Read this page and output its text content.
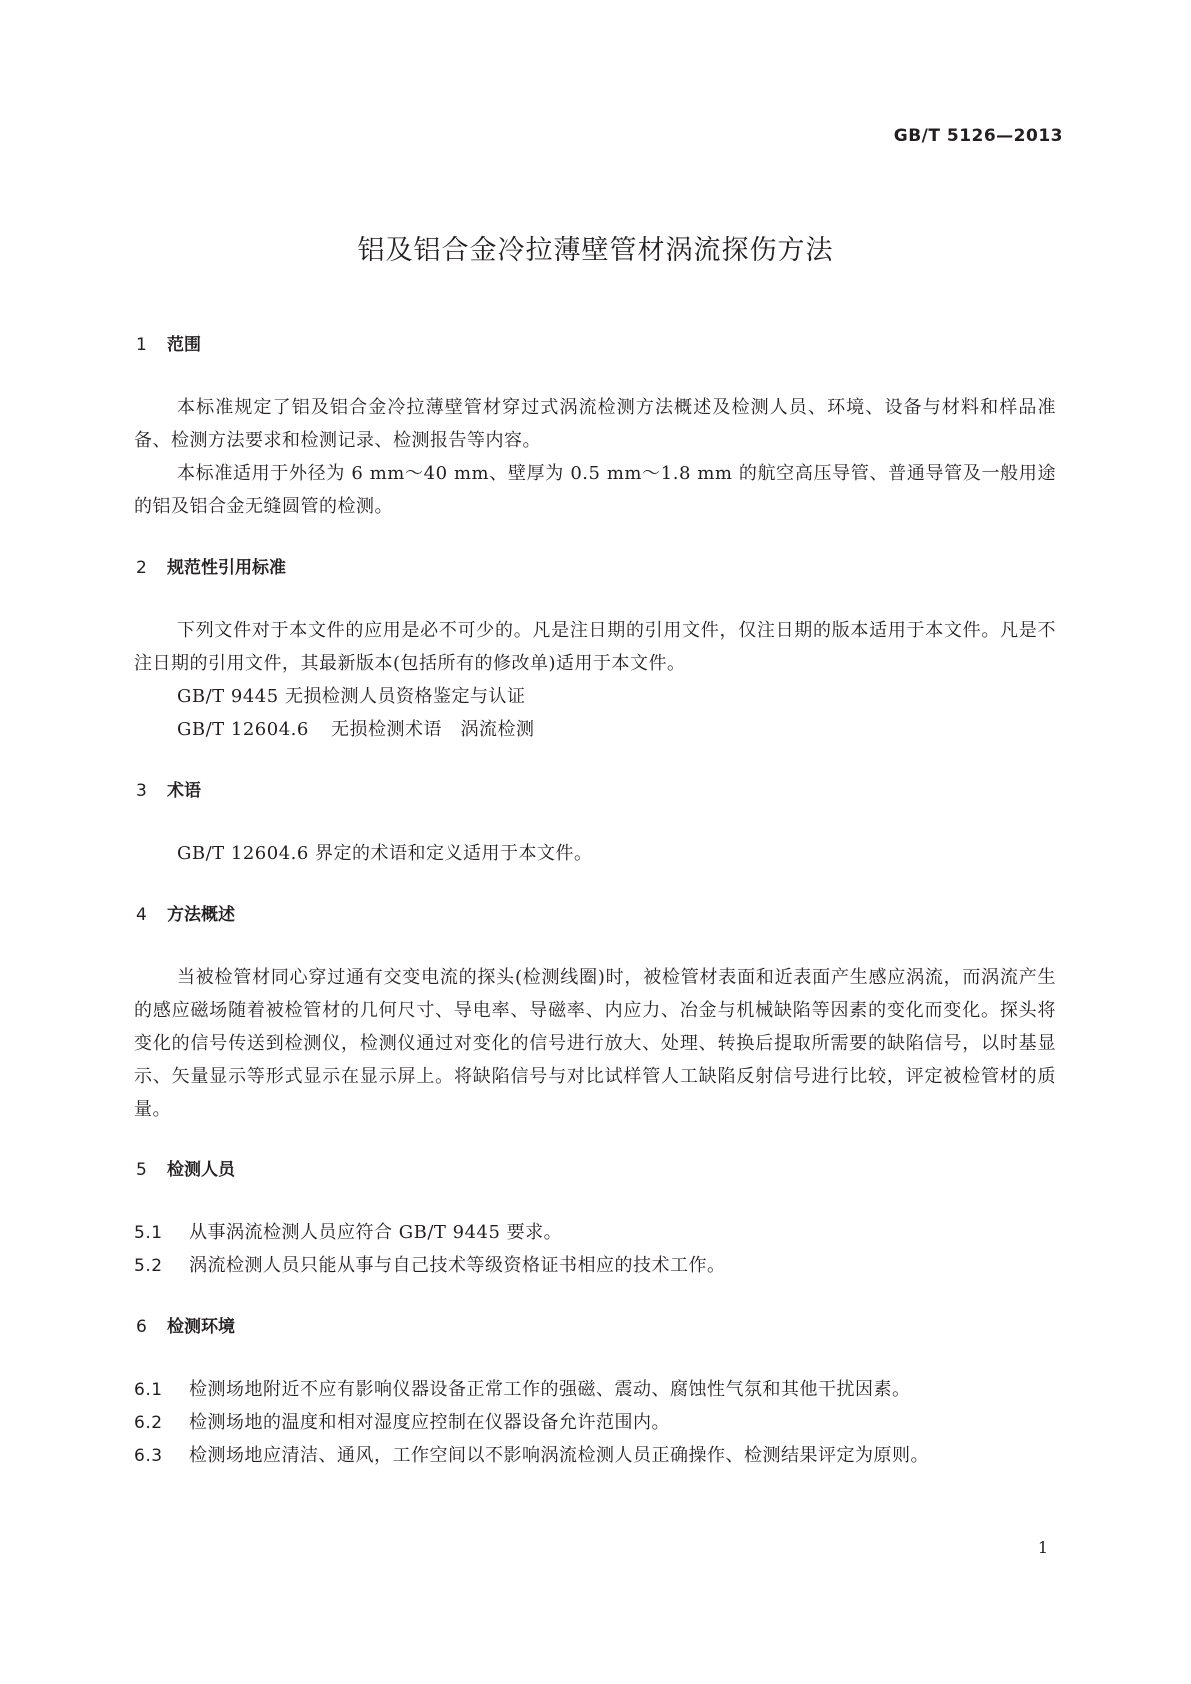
GB/T 5126—2013
铝及铝合金冷拉薄壁管材涡流探伤方法
1 范围
本标准规定了铝及铝合金冷拉薄壁管材穿过式涡流检测方法概述及检测人员、环境、设备与材料和样品准备、检测方法要求和检测记录、检测报告等内容。
本标准适用于外径为 6 mm～40 mm、壁厚为 0.5 mm～1.8 mm 的航空高压导管、普通导管及一般用途的铝及铝合金无缝圆管的检测。
2 规范性引用标准
下列文件对于本文件的应用是必不可少的。凡是注日期的引用文件，仅注日期的版本适用于本文件。凡是不注日期的引用文件，其最新版本(包括所有的修改单)适用于本文件。
GB/T 9445 无损检测人员资格鉴定与认证
GB/T 12604.6 无损检测术语　涡流检测
3 术语
GB/T 12604.6 界定的术语和定义适用于本文件。
4 方法概述
当被检管材同心穿过通有交变电流的探头(检测线圈)时，被检管材表面和近表面产生感应涡流，而涡流产生的感应磁场随着被检管材的几何尺寸、导电率、导磁率、内应力、冶金与机械缺陷等因素的变化而变化。探头将变化的信号传送到检测仪，检测仪通过对变化的信号进行放大、处理、转换后提取所需要的缺陷信号，以时基显示、矢量显示等形式显示在显示屏上。将缺陷信号与对比试样管人工缺陷反射信号进行比较，评定被检管材的质量。
5 检测人员
5.1 从事涡流检测人员应符合 GB/T 9445 要求。
5.2 涡流检测人员只能从事与自己技术等级资格证书相应的技术工作。
6 检测环境
6.1 检测场地附近不应有影响仪器设备正常工作的强磁、震动、腐蚀性气氛和其他干扰因素。
6.2 检测场地的温度和相对湿度应控制在仪器设备允许范围内。
6.3 检测场地应清洁、通风，工作空间以不影响涡流检测人员正确操作、检测结果评定为原则。
1
